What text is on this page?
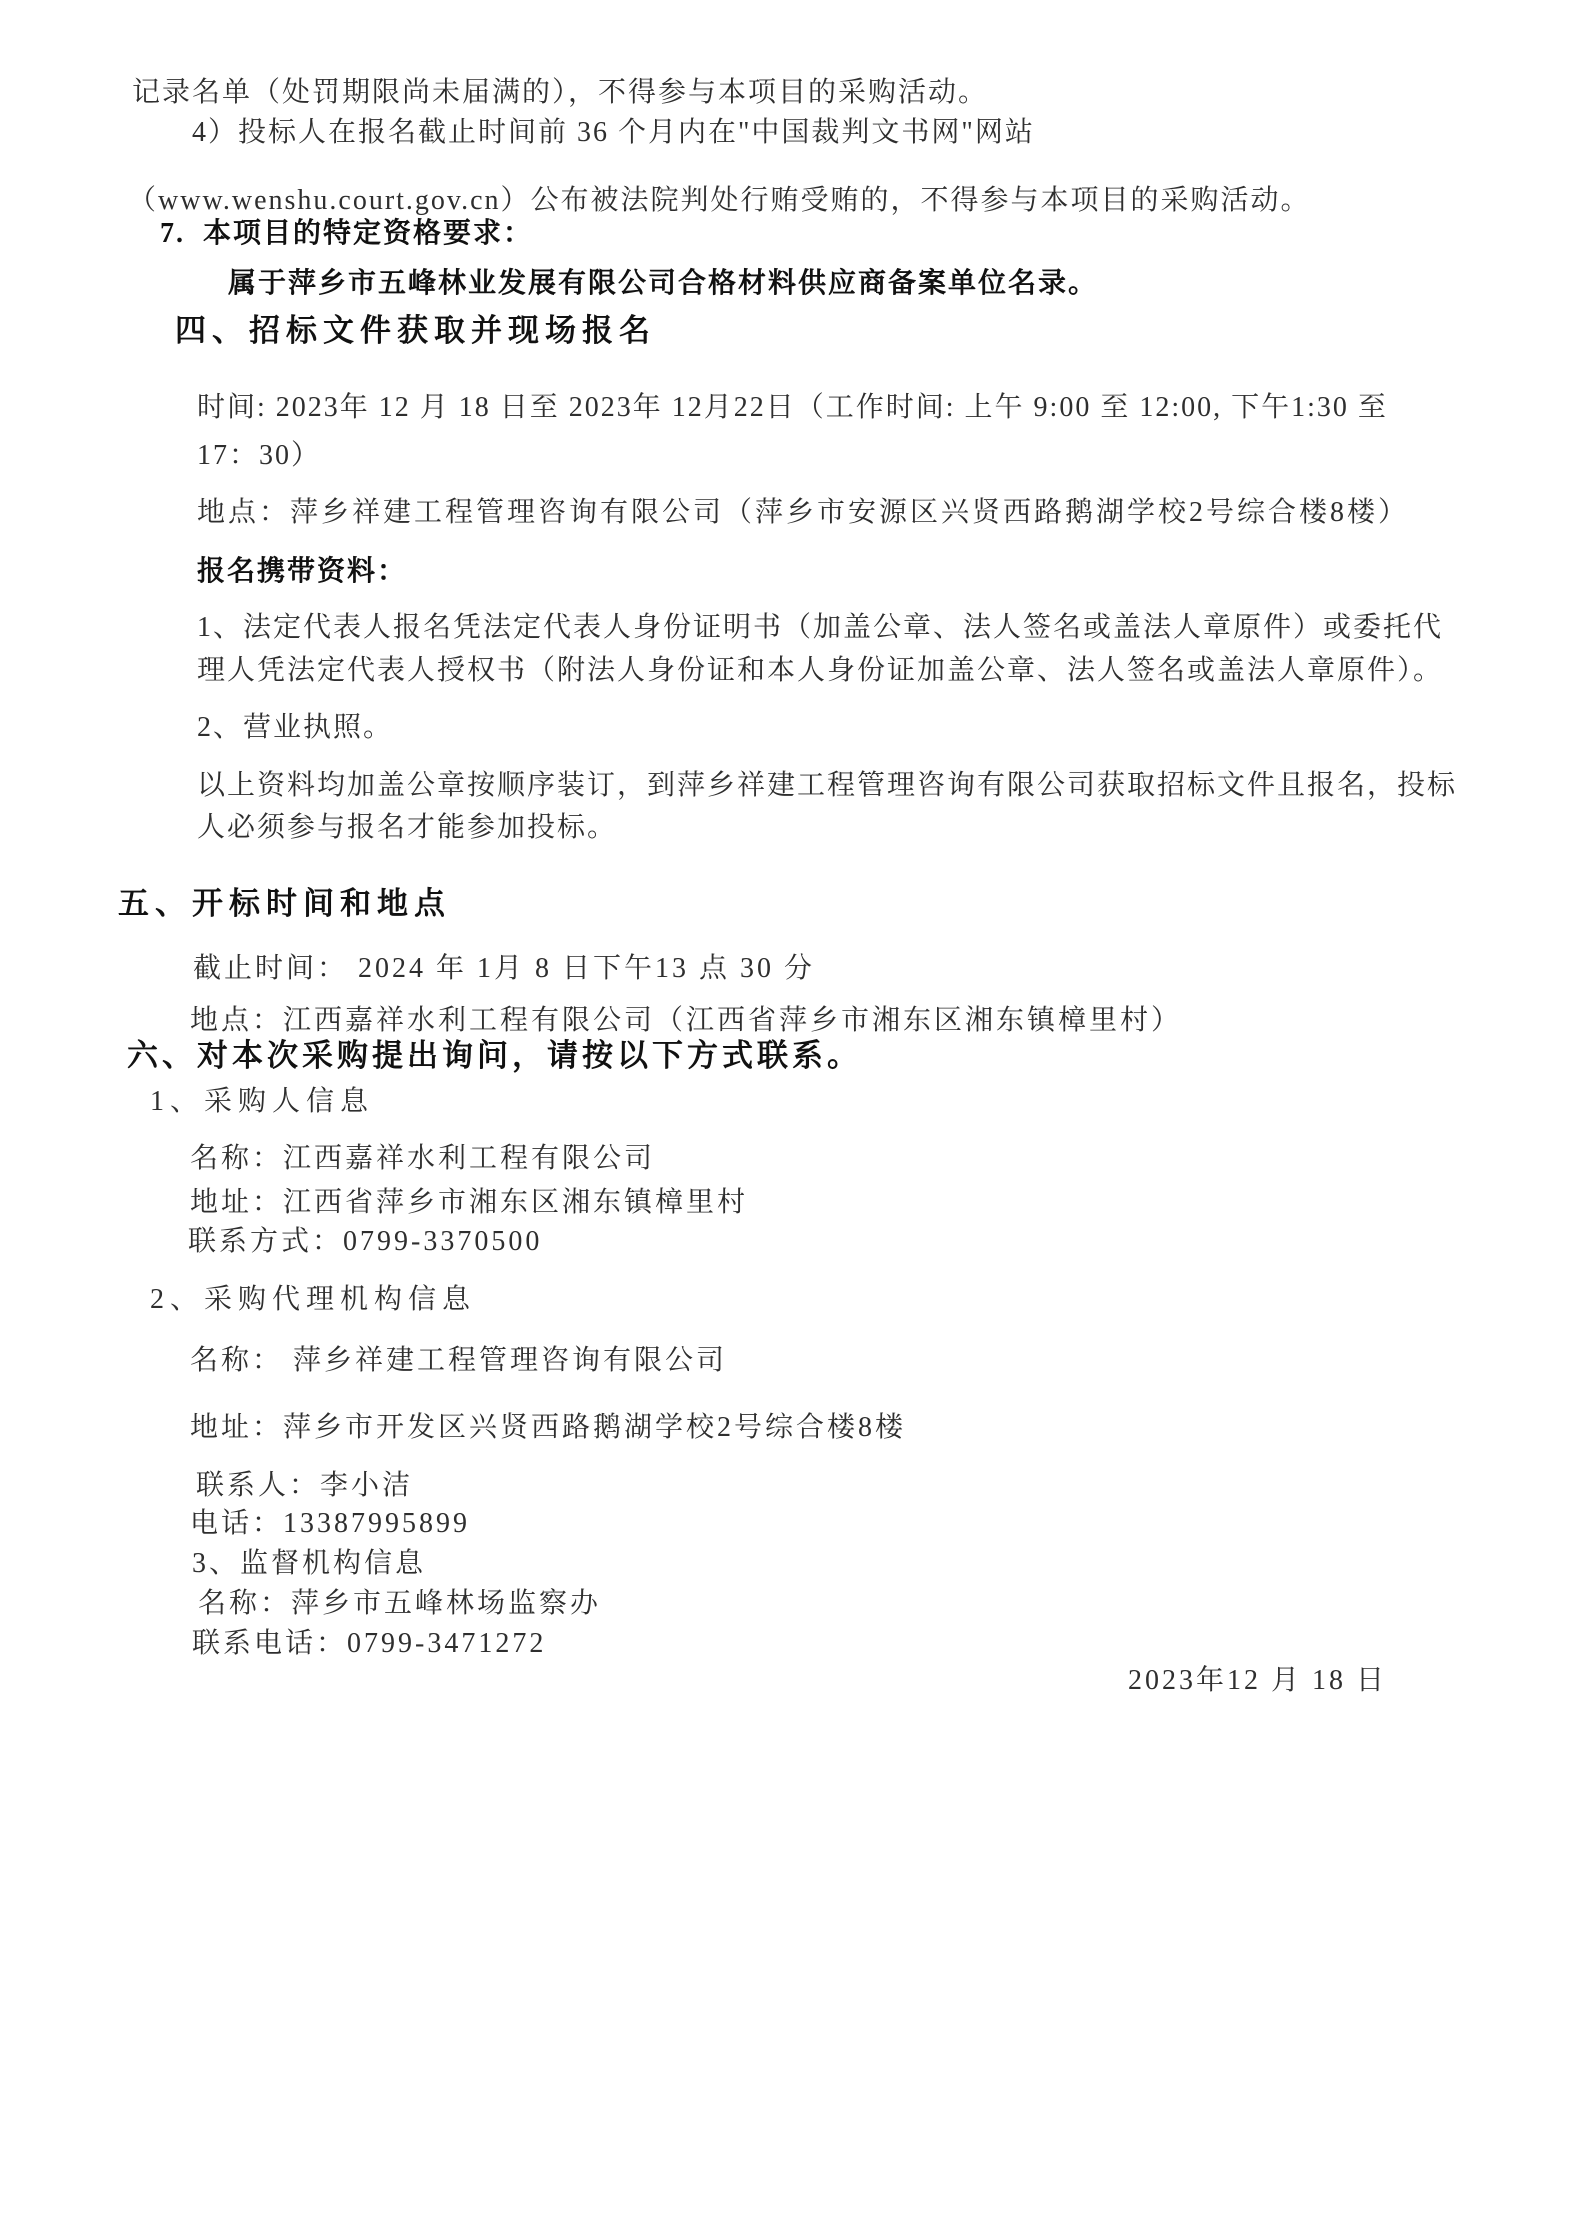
记录名单（处罚期限尚未届满的），不得参与本项目的采购活动。
4）投标人在报名截止时间前 36 个月内在"中国裁判文书网"网站
（www.wenshu.court.gov.cn）公布被法院判处行贿受贿的，不得参与本项目的采购活动。
7.  本项目的特定资格要求：
属于萍乡市五峰林业发展有限公司合格材料供应商备案单位名录。
四、招标文件获取并现场报名
时间: 2023年 12 月 18 日至 2023年 12月22日（工作时间: 上午 9:00 至 12:00, 下午1:30 至
17：30）
地点：萍乡祥建工程管理咨询有限公司（萍乡市安源区兴贤西路鹅湖学校2号综合楼8楼）
报名携带资料：
1、法定代表人报名凭法定代表人身份证明书（加盖公章、法人签名或盖法人章原件）或委托代
理人凭法定代表人授权书（附法人身份证和本人身份证加盖公章、法人签名或盖法人章原件）。
2、营业执照。
以上资料均加盖公章按顺序装订，到萍乡祥建工程管理咨询有限公司获取招标文件且报名，投标
人必须参与报名才能参加投标。
五、开标时间和地点
截止时间： 2024 年 1月 8 日下午13 点 30 分
地点：江西嘉祥水利工程有限公司（江西省萍乡市湘东区湘东镇樟里村）
六、对本次采购提出询问，请按以下方式联系。
1、采购人信息
名称：江西嘉祥水利工程有限公司
地址：江西省萍乡市湘东区湘东镇樟里村
联系方式：0799-3370500
2、采购代理机构信息
名称： 萍乡祥建工程管理咨询有限公司
地址：萍乡市开发区兴贤西路鹅湖学校2号综合楼8楼
联系人：李小洁
电话：13387995899
3、监督机构信息
名称：萍乡市五峰林场监察办
联系电话：0799-3471272
2023年12 月 18 日
